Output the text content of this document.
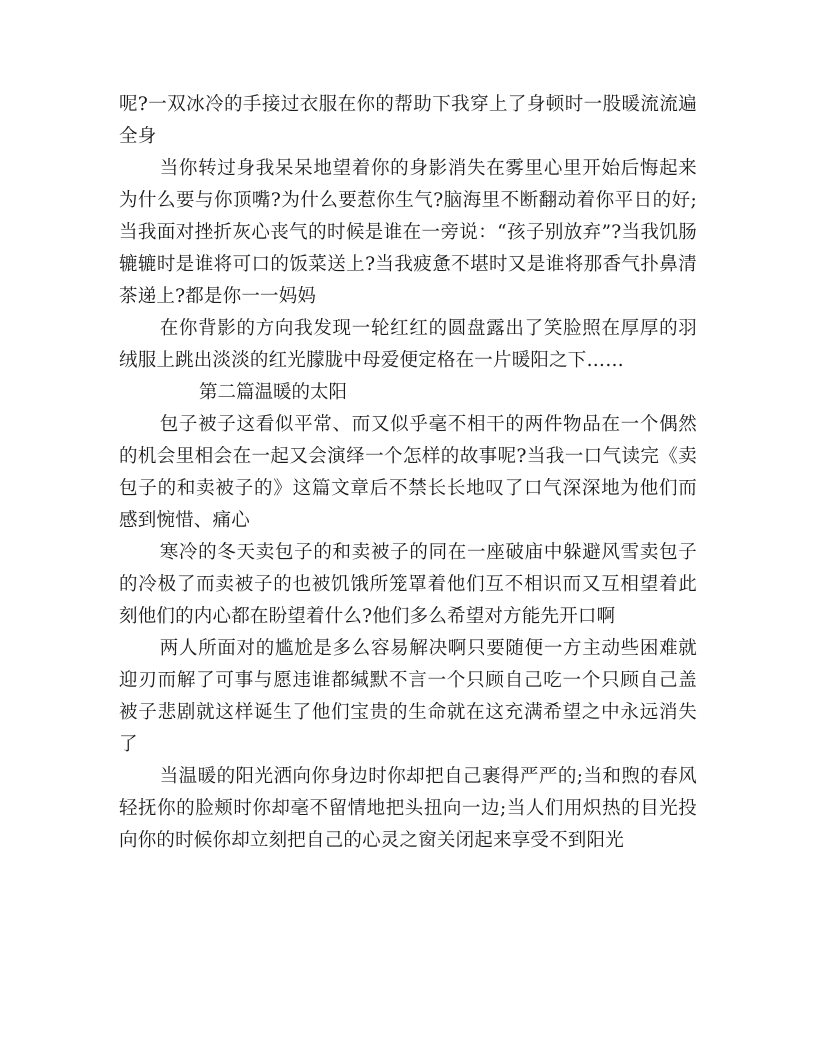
呢?一双冰冷的手接过衣服在你的帮助下我穿上了身顿时一股暖流流遍全身

当你转过身我呆呆地望着你的身影消失在雾里心里开始后悔起来为什么要与你顶嘴?为什么要惹你生气?脑海里不断翻动着你平日的好;当我面对挫折灰心丧气的时候是谁在一旁说：“孩子别放弃”?当我饥肠辘辘时是谁将可口的饭菜送上?当我疲惫不堪时又是谁将那香气扑鼻清茶递上?都是你一一妈妈

在你背影的方向我发现一轮红红的圆盘露出了笑脸照在厚厚的羽绒服上跳出淡淡的红光朦胧中母爱便定格在一片暖阳之下……

第二篇温暖的太阳

包子被子这看似平常、而又似乎毫不相干的两件物品在一个偶然的机会里相会在一起又会演绎一个怎样的故事呢?当我一口气读完《卖包子的和卖被子的》这篇文章后不禁长长地叹了口气深深地为他们而感到惋惜、痛心

寒冷的冬天卖包子的和卖被子的同在一座破庙中躲避风雪卖包子的冷极了而卖被子的也被饥饿所笼罩着他们互不相识而又互相望着此刻他们的内心都在盼望着什么?他们多么希望对方能先开口啊

两人所面对的尴尬是多么容易解决啊只要随便一方主动些困难就迎刃而解了可事与愿违谁都缄默不言一个只顾自己吃一个只顾自己盖被子悲剧就这样诞生了他们宝贵的生命就在这充满希望之中永远消失了

当温暖的阳光洒向你身边时你却把自己裹得严严的;当和煦的春风轻抚你的脸颊时你却毫不留情地把头扭向一边;当人们用炽热的目光投向你的时候你却立刻把自己的心灵之窗关闭起来享受不到阳光
